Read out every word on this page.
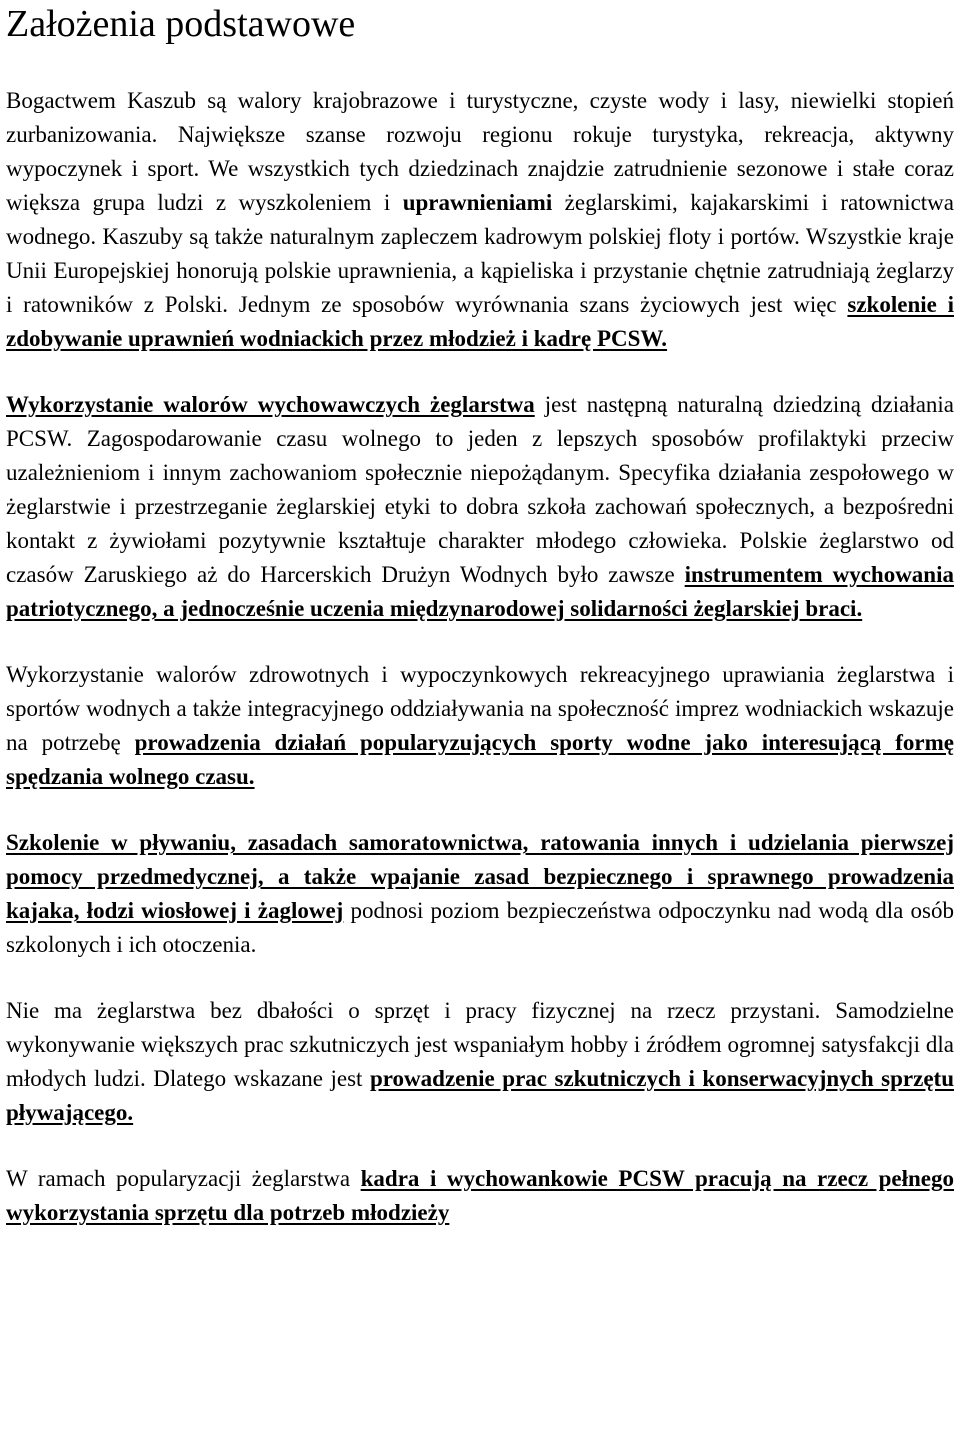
Założenia podstawowe

Bogactwem Kaszub są walory krajobrazowe i turystyczne, czyste wody i lasy, niewielki stopień zurbanizowania. Największe szanse rozwoju regionu rokuje turystyka, rekreacja, aktywny wypoczynek i sport. We wszystkich tych dziedzinach znajdzie zatrudnienie sezonowe i stałe coraz większa grupa ludzi z wyszkoleniem i uprawnieniami żeglarskimi, kajakarskimi i ratownictwa wodnego. Kaszuby są także naturalnym zapleczem kadrowym polskiej floty i portów. Wszystkie kraje Unii Europejskiej honorują polskie uprawnienia, a kąpieliska i przystanie chętnie zatrudniają żeglarzy i ratowników z Polski. Jednym ze sposobów wyrównania szans życiowych jest więc szkolenie i zdobywanie uprawnień wodniackich przez młodzież i kadrę PCSW.

Wykorzystanie walorów wychowawczych żeglarstwa jest następną naturalną dziedziną działania PCSW. Zagospodarowanie czasu wolnego to jeden z lepszych sposobów profilaktyki przeciw uzależnieniom i innym zachowaniom społecznie niepożądanym. Specyfika działania zespołowego w żeglarstwie i przestrzeganie żeglarskiej etyki to dobra szkoła zachowań społecznych, a bezpośredni kontakt z żywiołami pozytywnie kształtuje charakter młodego człowieka. Polskie żeglarstwo od czasów Zaruskiego aż do Harcerskich Drużyn Wodnych było zawsze instrumentem wychowania patriotycznego, a jednocześnie uczenia międzynarodowej solidarności żeglarskiej braci.

Wykorzystanie walorów zdrowotnych i wypoczynkowych rekreacyjnego uprawiania żeglarstwa i sportów wodnych a także integracyjnego oddziaływania na społeczność imprez wodniackich wskazuje na potrzebę prowadzenia działań popularyzujących sporty wodne jako interesującą formę spędzania wolnego czasu.

Szkolenie w pływaniu, zasadach samoratownictwa, ratowania innych i udzielania pierwszej pomocy przedmedycznej, a także wpajanie zasad bezpiecznego i sprawnego prowadzenia kajaka, łodzi wiosłowej i żaglowej podnosi poziom bezpieczeństwa odpoczynku nad wodą dla osób szkolonych i ich otoczenia.

Nie ma żeglarstwa bez dbałości o sprzęt i pracy fizycznej na rzecz przystani. Samodzielne wykonywanie większych prac szkutniczych jest wspaniałym hobby i źródłem ogromnej satysfakcji dla młodych ludzi. Dlatego wskazane jest prowadzenie prac szkutniczych i konserwacyjnych sprzętu pływającego.

W ramach popularyzacji żeglarstwa kadra i wychowankowie PCSW pracują na rzecz pełnego wykorzystania sprzętu dla potrzeb młodzieży
